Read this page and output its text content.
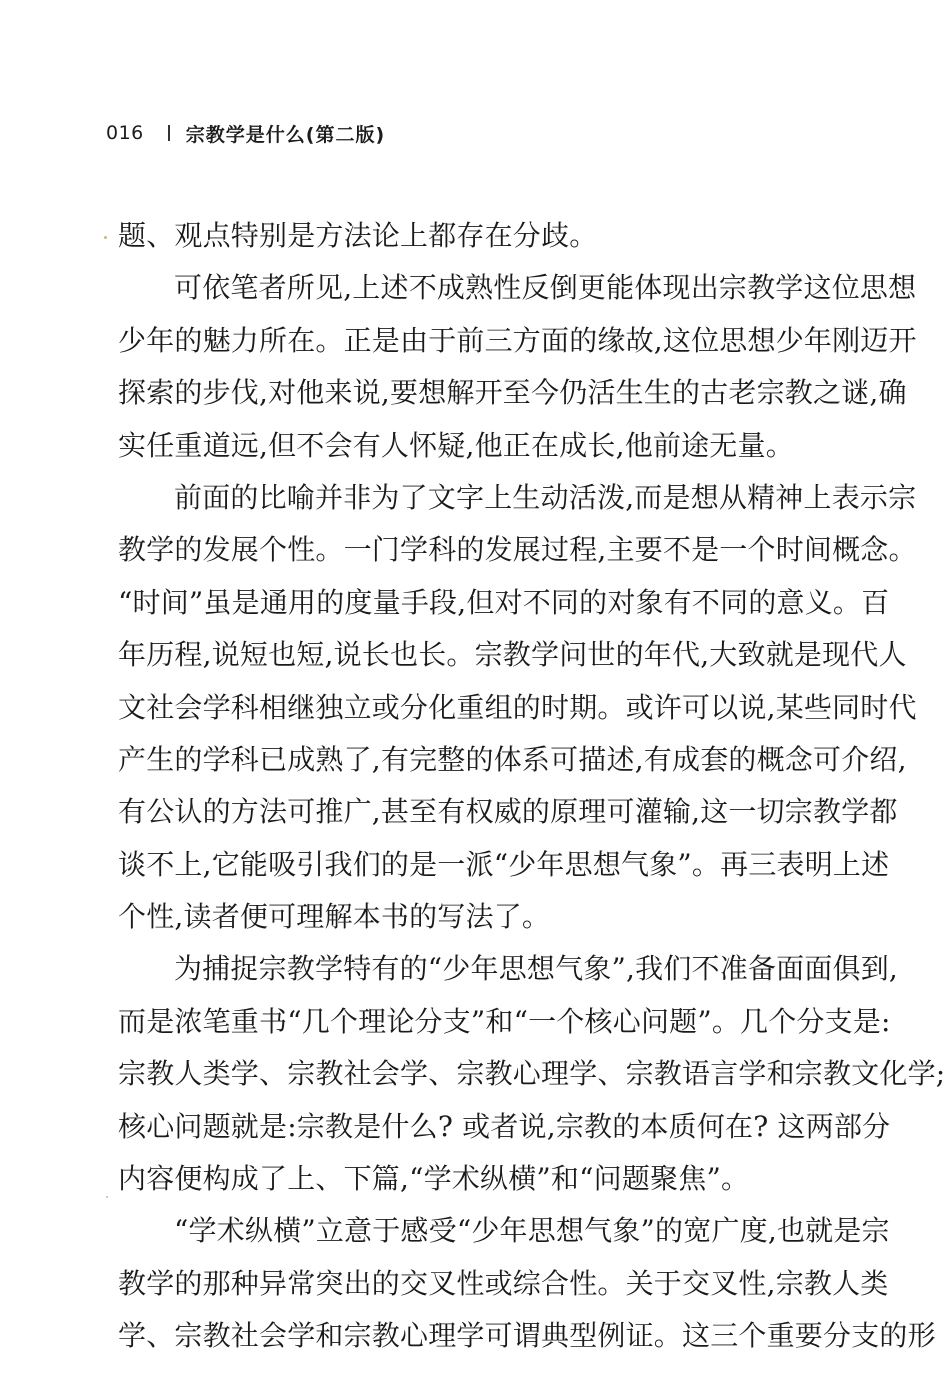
016 宗教学是什么(第二版)
题、观点特别是方法论上都存在分歧。
可依笔者所见,上述不成熟性反倒更能体现出宗教学这位思想
少年的魅力所在。正是由于前三方面的缘故,这位思想少年刚迈开
探索的步伐,对他来说,要想解开至今仍活生生的古老宗教之谜,确
实任重道远,但不会有人怀疑,他正在成长,他前途无量。
前面的比喻并非为了文字上生动活泼,而是想从精神上表示宗
教学的发展个性。一门学科的发展过程,主要不是一个时间概念。
“时间”虽是通用的度量手段,但对不同的对象有不同的意义。百
年历程,说短也短,说长也长。宗教学问世的年代,大致就是现代人
文社会学科相继独立或分化重组的时期。或许可以说,某些同时代
产生的学科已成熟了,有完整的体系可描述,有成套的概念可介绍,
有公认的方法可推广,甚至有权威的原理可灌输,这一切宗教学都
谈不上,它能吸引我们的是一派“少年思想气象”。再三表明上述
个性,读者便可理解本书的写法了。
为捕捉宗教学特有的“少年思想气象”,我们不准备面面俱到,
而是浓笔重书“几个理论分支”和“一个核心问题”。几个分支是:
宗教人类学、宗教社会学、宗教心理学、宗教语言学和宗教文化学;
核心问题就是:宗教是什么? 或者说,宗教的本质何在? 这两部分
内容便构成了上、下篇,“学术纵横”和“问题聚焦”。
“学术纵横”立意于感受“少年思想气象”的宽广度,也就是宗
教学的那种异常突出的交叉性或综合性。关于交叉性,宗教人类
学、宗教社会学和宗教心理学可谓典型例证。这三个重要分支的形
